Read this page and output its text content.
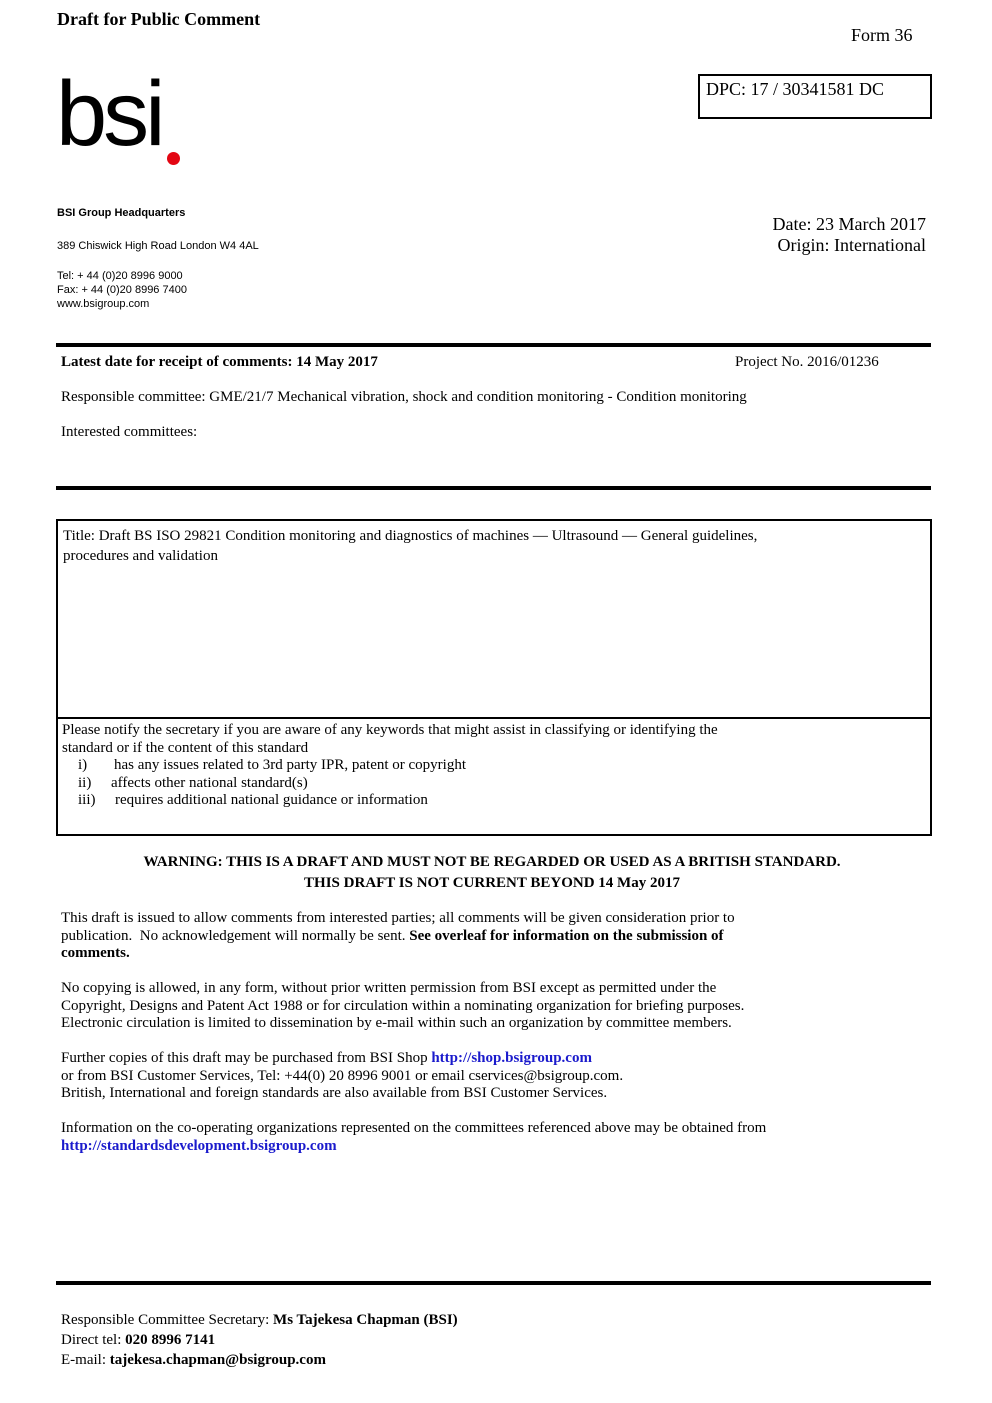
Draft for Public Comment
Form 36
DPC: 17 / 30341581 DC
bsi
BSI Group Headquarters
389 Chiswick High Road London W4 4AL
Tel: + 44 (0)20 8996 9000
Fax: + 44 (0)20 8996 7400
www.bsigroup.com
Date: 23 March 2017
Origin: International
Latest date for receipt of comments: 14 May 2017	Project No. 2016/01236
Responsible committee: GME/21/7 Mechanical vibration, shock and condition monitoring - Condition monitoring
Interested committees:
Title: Draft BS ISO 29821 Condition monitoring and diagnostics of machines — Ultrasound — General guidelines,
procedures and validation
Please notify the secretary if you are aware of any keywords that might assist in classifying or identifying the
standard or if the content of this standard
i) has any issues related to 3rd party IPR, patent or copyright
ii) affects other national standard(s)
iii) requires additional national guidance or information
WARNING: THIS IS A DRAFT AND MUST NOT BE REGARDED OR USED AS A BRITISH STANDARD.
THIS DRAFT IS NOT CURRENT BEYOND 14 May 2017
This draft is issued to allow comments from interested parties; all comments will be given consideration prior to
publication.  No acknowledgement will normally be sent. See overleaf for information on the submission of
comments.
No copying is allowed, in any form, without prior written permission from BSI except as permitted under the
Copyright, Designs and Patent Act 1988 or for circulation within a nominating organization for briefing purposes.
Electronic circulation is limited to dissemination by e-mail within such an organization by committee members.
Further copies of this draft may be purchased from BSI Shop http://shop.bsigroup.com
or from BSI Customer Services, Tel: +44(0) 20 8996 9001 or email cservices@bsigroup.com.
British, International and foreign standards are also available from BSI Customer Services.
Information on the co-operating organizations represented on the committees referenced above may be obtained from
http://standardsdevelopment.bsigroup.com
Responsible Committee Secretary: Ms Tajekesa Chapman (BSI)
Direct tel: 020 8996 7141
E-mail: tajekesa.chapman@bsigroup.com
